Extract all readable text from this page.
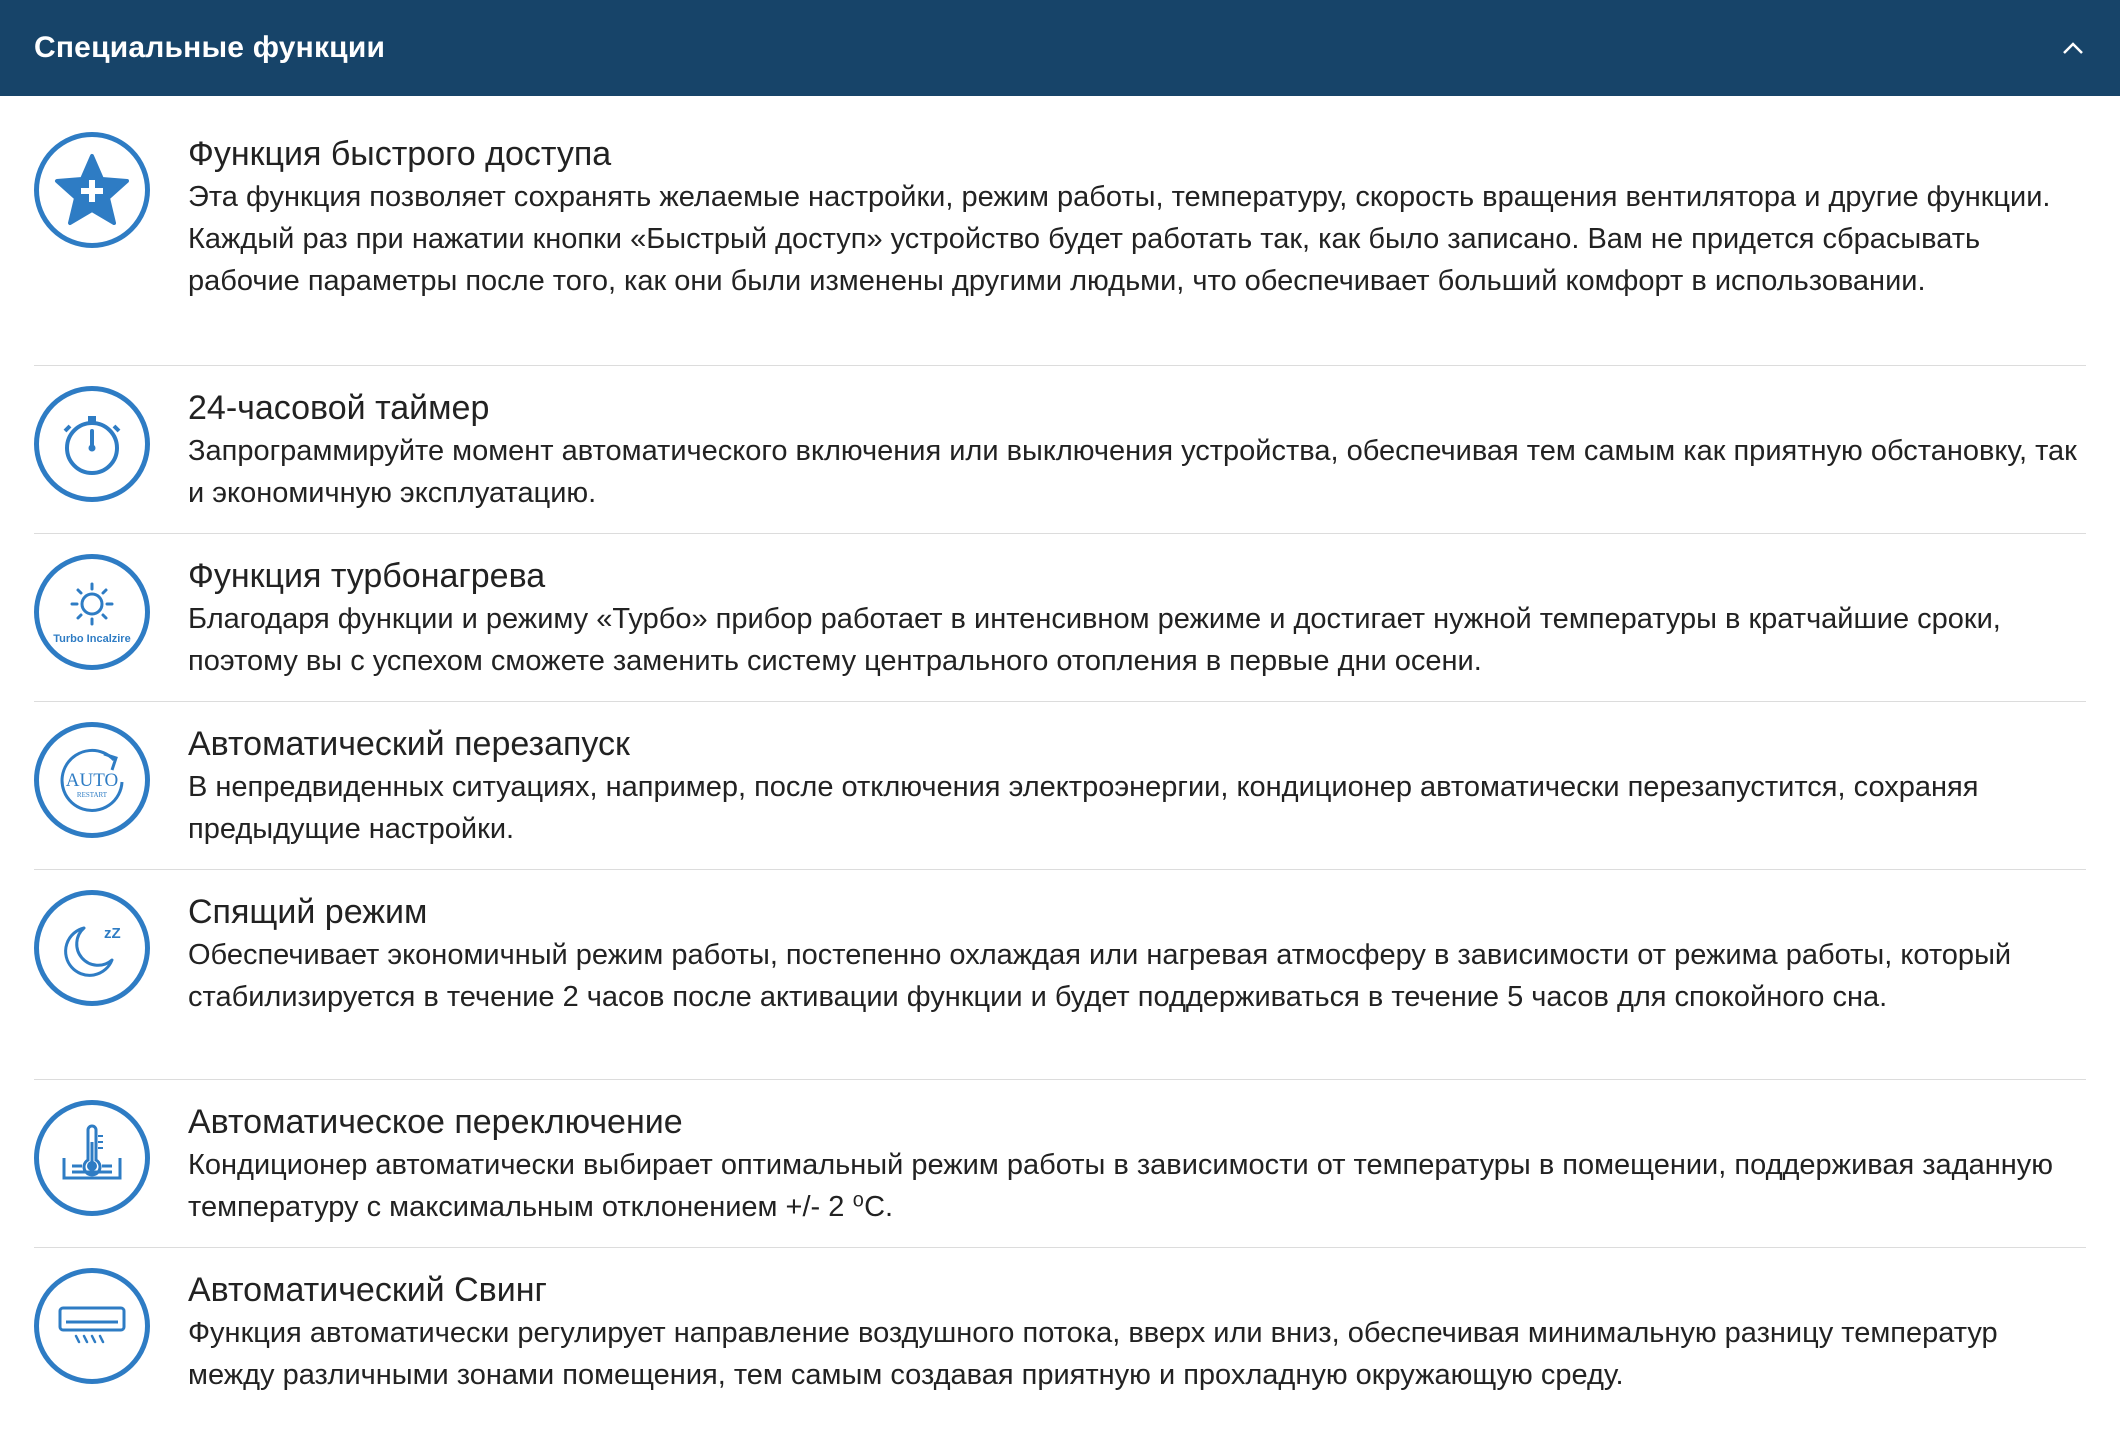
Специальные функции
Функция быстрого доступа
Эта функция позволяет сохранять желаемые настройки, режим работы, температуру, скорость вращения вентилятора и другие функции. Каждый раз при нажатии кнопки «Быстрый доступ» устройство будет работать так, как было записано. Вам не придется сбрасывать рабочие параметры после того, как они были изменены другими людьми, что обеспечивает больший комфорт в использовании.
24-часовой таймер
Запрограммируйте момент автоматического включения или выключения устройства, обеспечивая тем самым как приятную обстановку, так и экономичную эксплуатацию.
Turbo Incalzire
Функция турбонагрева
Благодаря функции и режиму «Турбо» прибор работает в интенсивном режиме и достигает нужной температуры в кратчайшие сроки, поэтому вы с успехом сможете заменить систему центрального отопления в первые дни осени.
AUTO
RESTART
Автоматический перезапуск
В непредвиденных ситуациях, например, после отключения электроэнергии, кондиционер автоматически перезапустится, сохраняя предыдущие настройки.
zZ
Спящий режим
Обеспечивает экономичный режим работы, постепенно охлаждая или нагревая атмосферу в зависимости от режима работы, который стабилизируется в течение 2 часов после активации функции и будет поддерживаться в течение 5 часов для спокойного сна.
Автоматическое переключение
Кондиционер автоматически выбирает оптимальный режим работы в зависимости от температуры в помещении, поддерживая заданную температуру с максимальным отклонением +/- 2 ⁰С.
Автоматический Свинг
Функция автоматически регулирует направление воздушного потока, вверх или вниз, обеспечивая минимальную разницу температур между различными зонами помещения, тем самым создавая приятную и прохладную окружающую среду.
